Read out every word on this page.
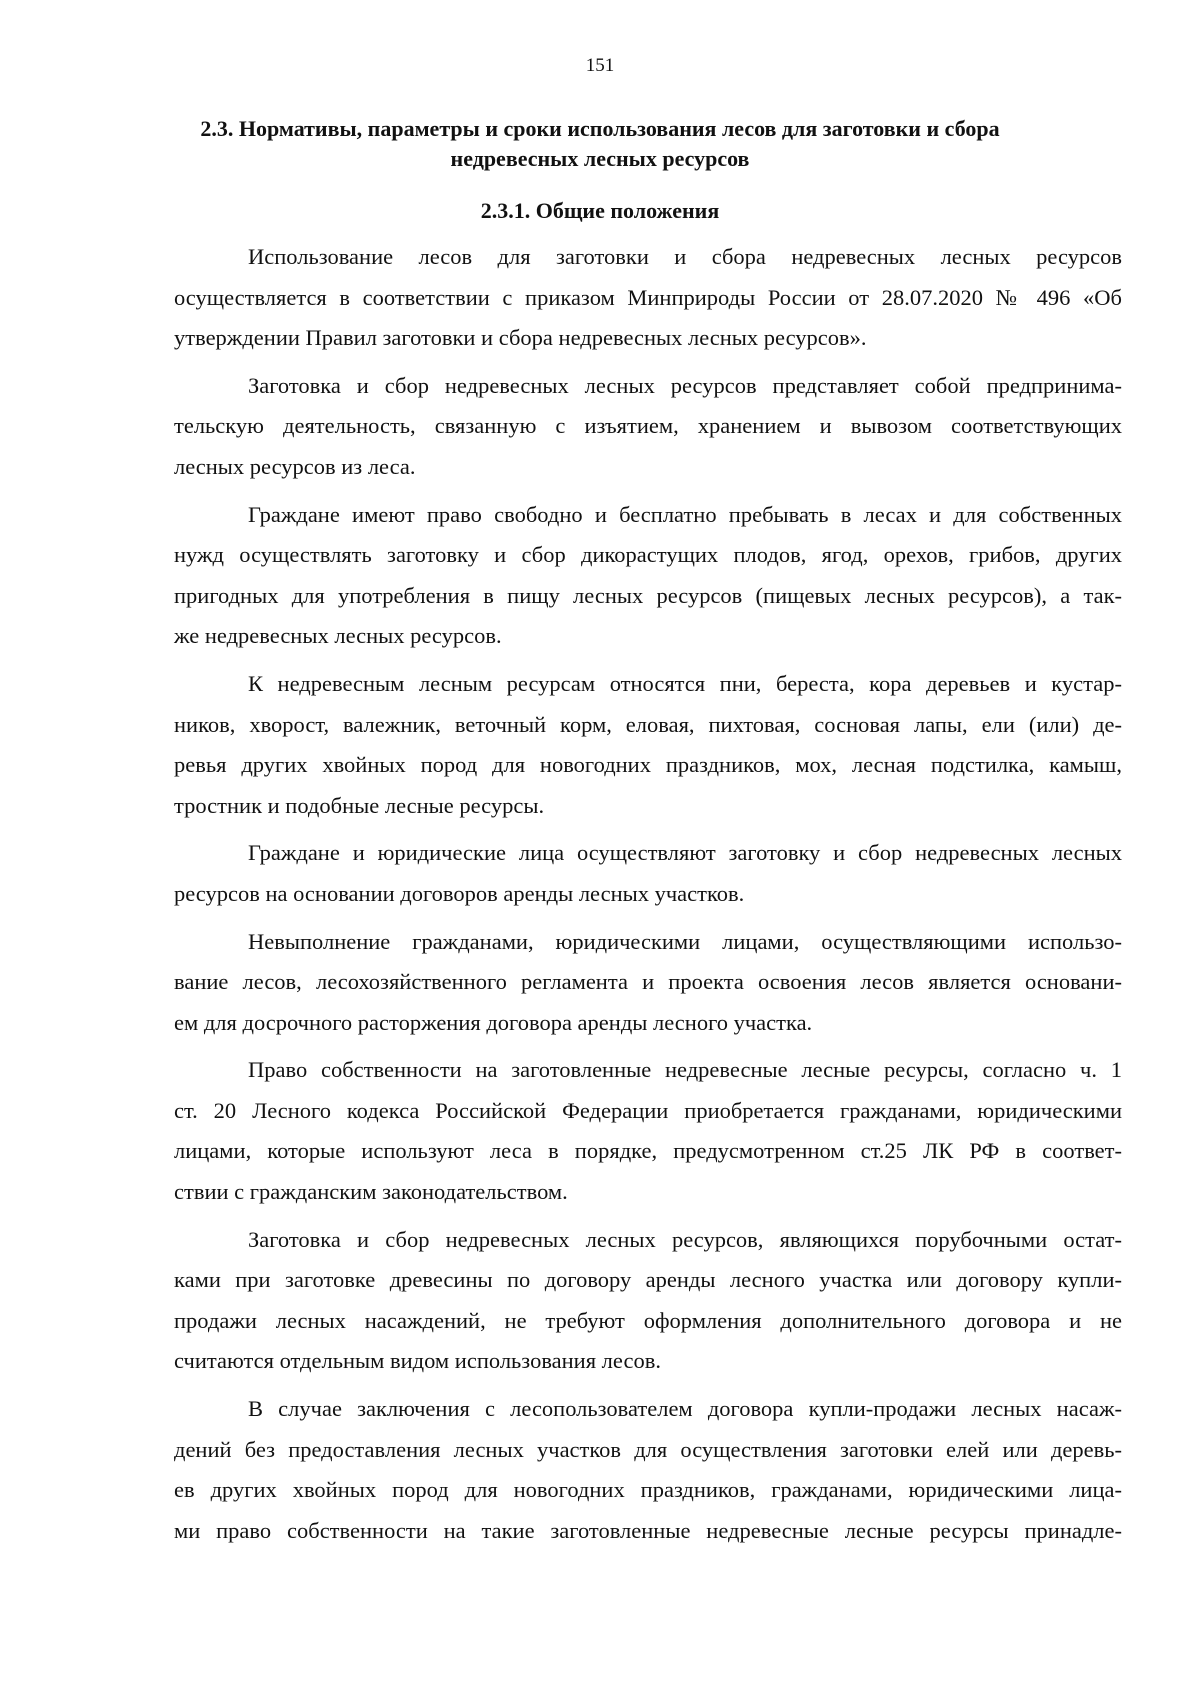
151
2.3. Нормативы, параметры и сроки использования лесов для заготовки и сбора
недревесных лесных ресурсов
2.3.1. Общие положения
Использование лесов для заготовки и сбора недревесных лесных ресурсов
осуществляется в соответствии с приказом Минприроды России от 28.07.2020 № 496 «Об
утверждении Правил заготовки и сбора недревесных лесных ресурсов».
Заготовка и сбор недревесных лесных ресурсов представляет собой предпринима-
тельскую деятельность, связанную с изъятием, хранением и вывозом соответствующих
лесных ресурсов из леса.
Граждане имеют право свободно и бесплатно пребывать в лесах и для собственных
нужд осуществлять заготовку и сбор дикорастущих плодов, ягод, орехов, грибов, других
пригодных для употребления в пищу лесных ресурсов (пищевых лесных ресурсов), а так-
же недревесных лесных ресурсов.
К недревесным лесным ресурсам относятся пни, береста, кора деревьев и кустар-
ников, хворост, валежник, веточный корм, еловая, пихтовая, сосновая лапы, ели (или) де-
ревья других хвойных пород для новогодних праздников, мох, лесная подстилка, камыш,
тростник и подобные лесные ресурсы.
Граждане и юридические лица осуществляют заготовку и сбор недревесных лесных
ресурсов на основании договоров аренды лесных участков.
Невыполнение гражданами, юридическими лицами, осуществляющими использо-
вание лесов, лесохозяйственного регламента и проекта освоения лесов является основани-
ем для досрочного расторжения договора аренды лесного участка.
Право собственности на заготовленные недревесные лесные ресурсы, согласно ч. 1
ст. 20 Лесного кодекса Российской Федерации приобретается гражданами, юридическими
лицами, которые используют леса в порядке, предусмотренном ст.25 ЛК РФ в соответ-
ствии с гражданским законодательством.
Заготовка и сбор недревесных лесных ресурсов, являющихся порубочными остат-
ками при заготовке древесины по договору аренды лесного участка или договору купли-
продажи лесных насаждений, не требуют оформления дополнительного договора и не
считаются отдельным видом использования лесов.
В случае заключения с лесопользователем договора купли-продажи лесных насаж-
дений без предоставления лесных участков для осуществления заготовки елей или деревь-
ев других хвойных пород для новогодних праздников, гражданами, юридическими лица-
ми право собственности на такие заготовленные недревесные лесные ресурсы принадле-
